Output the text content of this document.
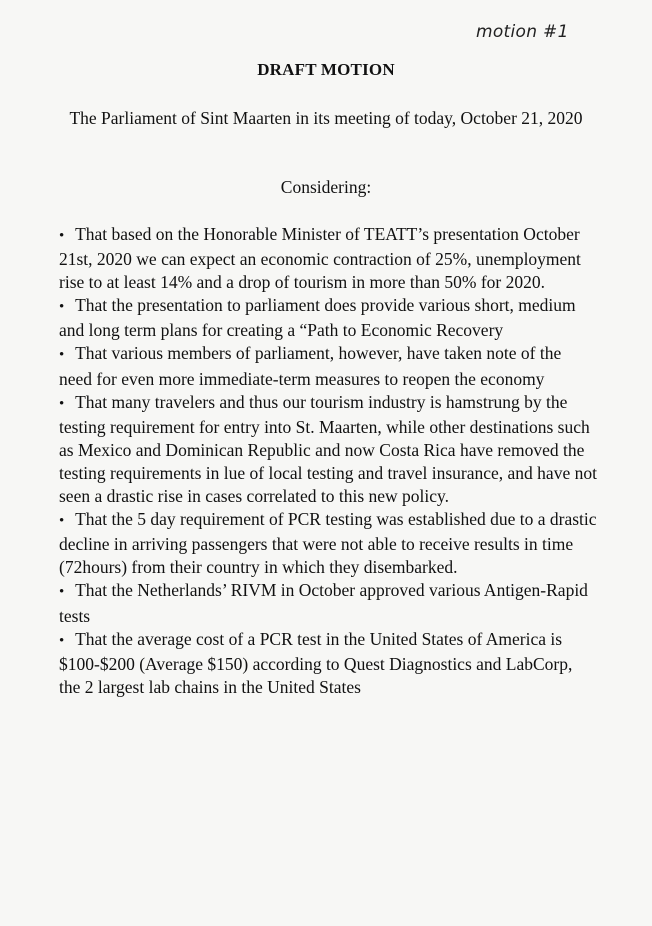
motion #1
DRAFT MOTION
The Parliament of Sint Maarten in its meeting of today, October 21, 2020
Considering:
• That based on the Honorable Minister of TEATT’s presentation October 21st, 2020 we can expect an economic contraction of 25%, unemployment rise to at least 14% and a drop of tourism in more than 50% for 2020.
• That the presentation to parliament does provide various short, medium and long term plans for creating a “Path to Economic Recovery
• That various members of parliament, however, have taken note of the need for even more immediate-term measures to reopen the economy
• That many travelers and thus our tourism industry is hamstrung by the testing requirement for entry into St. Maarten, while other destinations such as Mexico and Dominican Republic and now Costa Rica have removed the testing requirements in lue of local testing and travel insurance, and have not seen a drastic rise in cases correlated to this new policy.
• That the 5 day requirement of PCR testing was established due to a drastic decline in arriving passengers that were not able to receive results in time (72hours) from their country in which they disembarked.
• That the Netherlands’ RIVM in October approved various Antigen-Rapid tests
• That the average cost of a PCR test in the United States of America is $100-$200 (Average $150) according to Quest Diagnostics and LabCorp, the 2 largest lab chains in the United States
